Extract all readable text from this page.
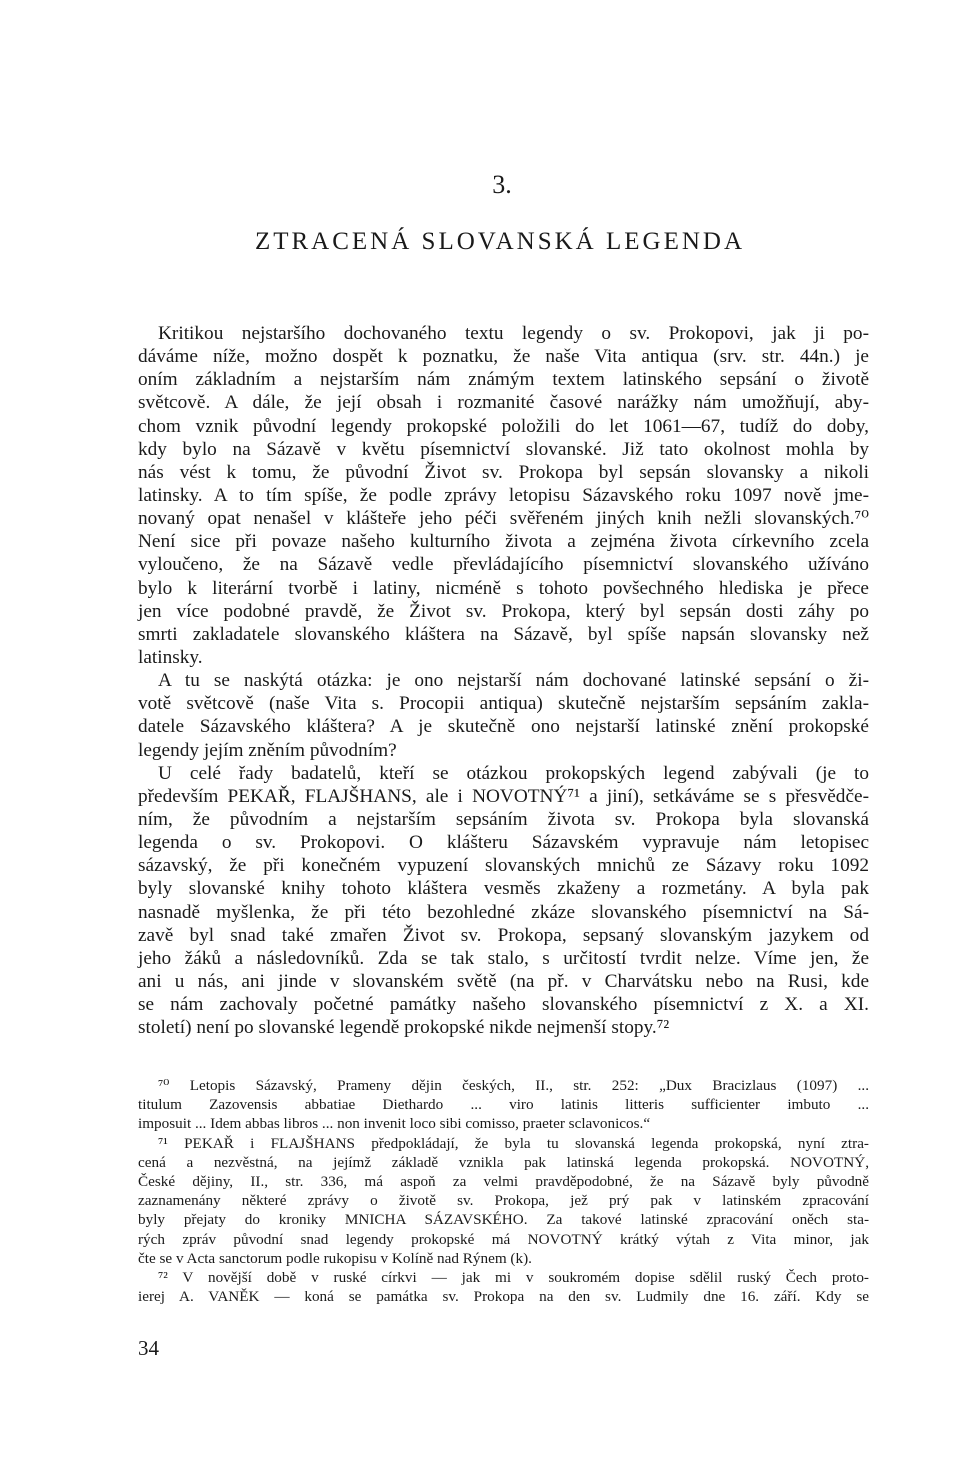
3.
ZTRACENÁ SLOVANSKÁ LEGENDA
Kritikou nejstaršího dochovaného textu legendy o sv. Prokopovi, jak ji po-
dáváme níže, možno dospět k poznatku, že naše Vita antiqua (srv. str. 44n.) je
oním základním a nejstarším nám známým textem latinského sepsání o životě
světcově. A dále, že její obsah i rozmanité časové narážky nám umožňují, aby-
chom vznik původní legendy prokopské položili do let 1061—67, tudíž do doby,
kdy bylo na Sázavě v květu písemnictví slovanské. Již tato okolnost mohla by
nás vést k tomu, že původní Život sv. Prokopa byl sepsán slovansky a nikoli
latinsky. A to tím spíše, že podle zprávy letopisu Sázavského roku 1097 nově jme-
novaný opat nenašel v klášteře jeho péči svěřeném jiných knih nežli slovanských.⁷⁰
Není sice při povaze našeho kulturního života a zejména života církevního zcela
vyloučeno, že na Sázavě vedle převládajícího písemnictví slovanského užíváno
bylo k literární tvorbě i latiny, nicméně s tohoto povšechného hlediska je přece
jen více podobné pravdě, že Život sv. Prokopa, který byl sepsán dosti záhy po
smrti zakladatele slovanského kláštera na Sázavě, byl spíše napsán slovansky než
latinsky.
A tu se naskýtá otázka: je ono nejstarší nám dochované latinské sepsání o ži-
votě světcově (naše Vita s. Procopii antiqua) skutečně nejstarším sepsáním zakla-
datele Sázavského kláštera? A je skutečně ono nejstarší latinské znění prokopské
legendy jejím zněním původním?
U celé řady badatelů, kteří se otázkou prokopských legend zabývali (je to
především PEKAŘ, FLAJŠHANS, ale i NOVOTNÝ⁷¹ a jiní), setkáváme se s přesvědče-
ním, že původním a nejstarším sepsáním života sv. Prokopa byla slovanská
legenda o sv. Prokopovi. O klášteru Sázavském vypravuje nám letopisec
sázavský, že při konečném vypuzení slovanských mnichů ze Sázavy roku 1092
byly slovanské knihy tohoto kláštera vesměs zkaženy a rozmetány. A byla pak
nasnadě myšlenka, že při této bezohledné zkáze slovanského písemnictví na Sá-
zavě byl snad také zmařen Život sv. Prokopa, sepsaný slovanským jazykem od
jeho žáků a následovníků. Zda se tak stalo, s určitostí tvrdit nelze. Víme jen, že
ani u nás, ani jinde v slovanském světě (na př. v Charvátsku nebo na Rusi, kde
se nám zachovaly početné památky našeho slovanského písemnictví z X. a XI.
století) není po slovanské legendě prokopské nikde nejmenší stopy.⁷²
⁷⁰ Letopis Sázavský, Prameny dějin českých, II., str. 252: „Dux Bracizlaus (1097) ...
titulum Zazovensis abbatiae Diethardo ... viro latinis litteris sufficienter imbuto ...
imposuit ... Idem abbas libros ... non invenit loco sibi comisso, praeter sclavonicos.“
⁷¹ PEKAŘ i FLAJŠHANS předpokládají, že byla tu slovanská legenda prokopská, nyní ztra-
cená a nezvěstná, na jejímž základě vznikla pak latinská legenda prokopská. NOVOTNÝ,
České dějiny, II., str. 336, má aspoň za velmi pravděpodobné, že na Sázavě byly původně
zaznamenány některé zprávy o životě sv. Prokopa, jež prý pak v latinském zpracování
byly přejaty do kroniky MNICHA SÁZAVSKÉHO. Za takové latinské zpracování oněch sta-
rých zpráv původní snad legendy prokopské má NOVOTNÝ krátký výtah z Vita minor, jak
čte se v Acta sanctorum podle rukopisu v Kolíně nad Rýnem (k).
⁷² V novější době v ruské církvi — jak mi v soukromém dopise sdělil ruský Čech proto-
ierej A. VANĚK — koná se památka sv. Prokopa na den sv. Ludmily dne 16. září. Kdy se
34
